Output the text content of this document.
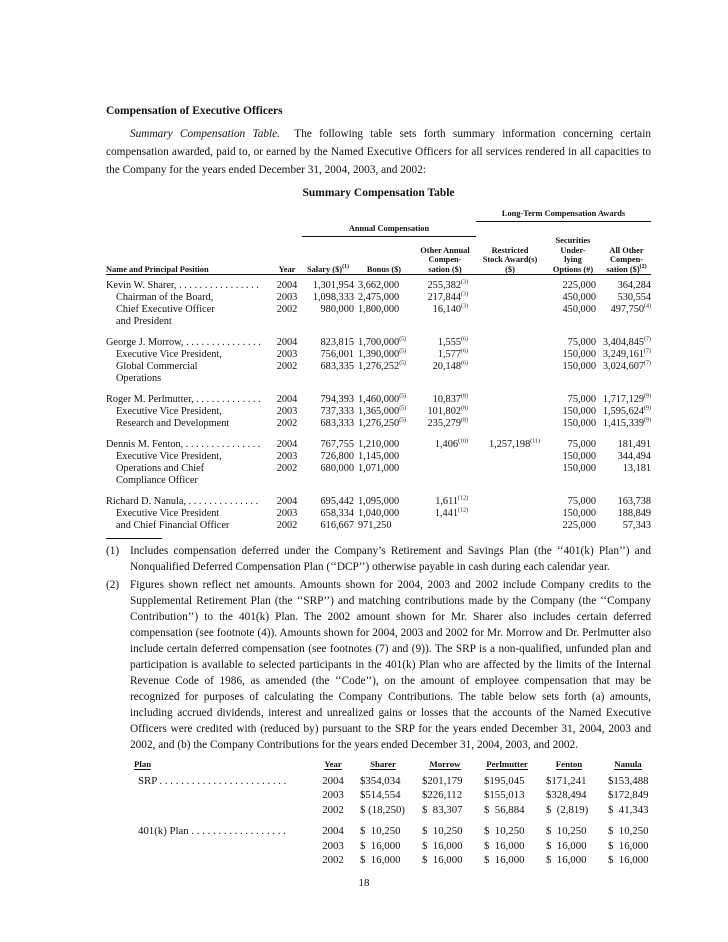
Compensation of Executive Officers

Summary Compensation Table. The following table sets forth summary information concerning certain compensation awarded, paid to, or earned by the Named Executive Officers for all services rendered in all capacities to the Company for the years ended December 31, 2004, 2003, and 2002:

Summary Compensation Table
					Long-Term Compensation Awards		
		Annual Compensation					
Name and Principal Position	Year	Salary ($)$^{(1)}$	Bonus ($)	Other Annual Compen- sation ($)	Restricted Stock Award(s) ($)	Securities Under- lying Options (#)	All Other Compen- sation ($)$^{(2)}$
Kevin W. Sharer, . . . . . . . . . . . . . . . .	2004	1,301,954	3,662,000	255,382$^{(3)}$		225,000	364,284
Chairman of the Board,	2003	1,098,333	2,475,000	217,844$^{(3)}$		450,000	530,554
Chief Executive Officer	2002	980,000	1,800,000	16,140$^{(3)}$		450,000	497,750$^{(4)}$
and President							
George J. Morrow, . . . . . . . . . . . . . . .	2004	823,815	1,700,000$^{(5)}$	1,555$^{(6)}$		75,000	3,404,845$^{(7)}$
Executive Vice President,	2003	756,001	1,390,000$^{(5)}$	1,577$^{(6)}$		150,000	3,249,161$^{(7)}$
Global Commercial	2002	683,335	1,276,252$^{(5)}$	20,148$^{(6)}$		150,000	3,024,607$^{(7)}$
Operations							
Roger M. Perlmutter, . . . . . . . . . . . . .	2004	794,393	1,460,000$^{(5)}$	10,837$^{(8)}$		75,000	1,717,129$^{(9)}$
Executive Vice President,	2003	737,333	1,365,000$^{(5)}$	101,802$^{(8)}$		150,000	1,595,624$^{(9)}$
Research and Development	2002	683,333	1,276,250$^{(5)}$	235,279$^{(8)}$		150,000	1,415,339$^{(9)}$
Dennis M. Fenton, . . . . . . . . . . . . . . .	2004	767,755	1,210,000	1,406$^{(10)}$	1,257,198$^{(11)}$	75,000	181,491
Executive Vice President,	2003	726,800	1,145,000			150,000	344,494
Operations and Chief	2002	680,000	1,071,000			150,000	13,181
Compliance Officer							
Richard D. Nanula, . . . . . . . . . . . . . .	2004	695,442	1,095,000	1,611$^{(12)}$		75,000	163,738
Executive Vice President	2003	658,334	1,040,000	1,441$^{(12)}$		150,000	188,849
and Chief Financial Officer	2002	616,667	971,250			225,000	57,343
(1) Includes compensation deferred under the Company’s Retirement and Savings Plan (the ‘‘401(k) Plan’’) and Nonqualified Deferred Compensation Plan (‘‘DCP’’) otherwise payable in cash during each calendar year.
(2) Figures shown reflect net amounts. Amounts shown for 2004, 2003 and 2002 include Company credits to the Supplemental Retirement Plan (the ‘‘SRP’’) and matching contributions made by the Company (the ‘‘Company Contribution’’) to the 401(k) Plan. The 2002 amount shown for Mr. Sharer also includes certain deferred compensation (see footnote (4)). Amounts shown for 2004, 2003 and 2002 for Mr. Morrow and Dr. Perlmutter also include certain deferred compensation (see footnotes (7) and (9)). The SRP is a non-qualified, unfunded plan and participation is available to selected participants in the 401(k) Plan who are affected by the limits of the Internal Revenue Code of 1986, as amended (the ‘‘Code’’), on the amount of employee compensation that may be recognized for purposes of calculating the Company Contributions. The table below sets forth (a) amounts, including accrued dividends, interest and unrealized gains or losses that the accounts of the Named Executive Officers were credited with (reduced by) pursuant to the SRP for the years ended December 31, 2004, 2003 and 2002, and (b) the Company Contributions for the years ended December 31, 2004, 2003, and 2002.
Plan	Year	Sharer	Morrow	Perlmutter	Fenton	Nanula
SRP . . . . . . . . . . . . . . . . . . . . . . . .	2004	$354,034	$201,179	$195,045	$171,241	$153,488
	2003	$514,554	$226,112	$155,013	$328,494	$172,849
	2002	$ (18,250)	$  83,307	$  56,884	$  (2,819)	$  41,343
401(k) Plan . . . . . . . . . . . . . . . . . .	2004	$  10,250	$  10,250	$  10,250	$  10,250	$  10,250
	2003	$  16,000	$  16,000	$  16,000	$  16,000	$  16,000
	2002	$  16,000	$  16,000	$  16,000	$  16,000	$  16,000
18
